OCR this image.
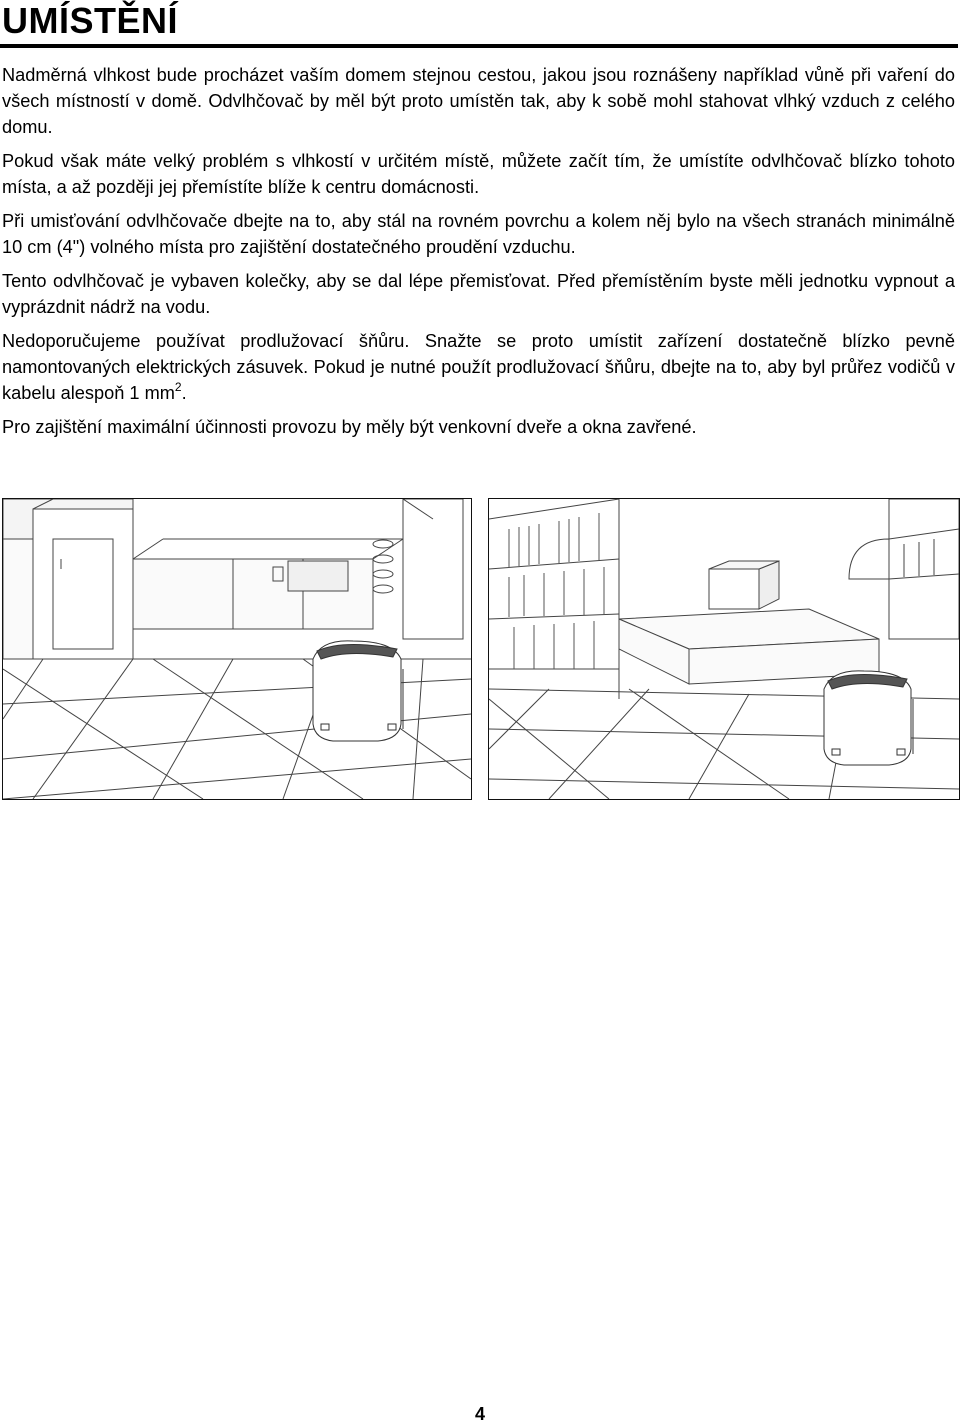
UMÍSTĚNÍ

Nadměrná vlhkost bude procházet vaším domem stejnou cestou, jakou jsou roznášeny například vůně při vaření do všech místností v domě. Odvlhčovač by měl být proto umístěn tak, aby k sobě mohl stahovat vlhký vzduch z celého domu.

Pokud však máte velký problém s vlhkostí v určitém místě, můžete začít tím, že umístíte odvlhčovač blízko tohoto místa, a až později jej přemístíte blíže k centru domácnosti.

Při umisťování odvlhčovače dbejte na to, aby stál na rovném povrchu a kolem něj bylo na všech stranách minimálně 10 cm (4") volného místa pro zajištění dostatečného proudění vzduchu.

Tento odvlhčovač je vybaven kolečky, aby se dal lépe přemisťovat. Před přemístěním byste měli jednotku vypnout a vyprázdnit nádrž na vodu.

Nedoporučujeme používat prodlužovací šňůru. Snažte se proto umístit zařízení dostatečně blízko pevně namontovaných elektrických zásuvek. Pokud je nutné použít prodlužovací šňůru, dbejte na to, aby byl průřez vodičů v kabelu alespoň 1 $mm^2$.

Pro zajištění maximální účinnosti provozu by měly být venkovní dveře a okna zavřené.

4
